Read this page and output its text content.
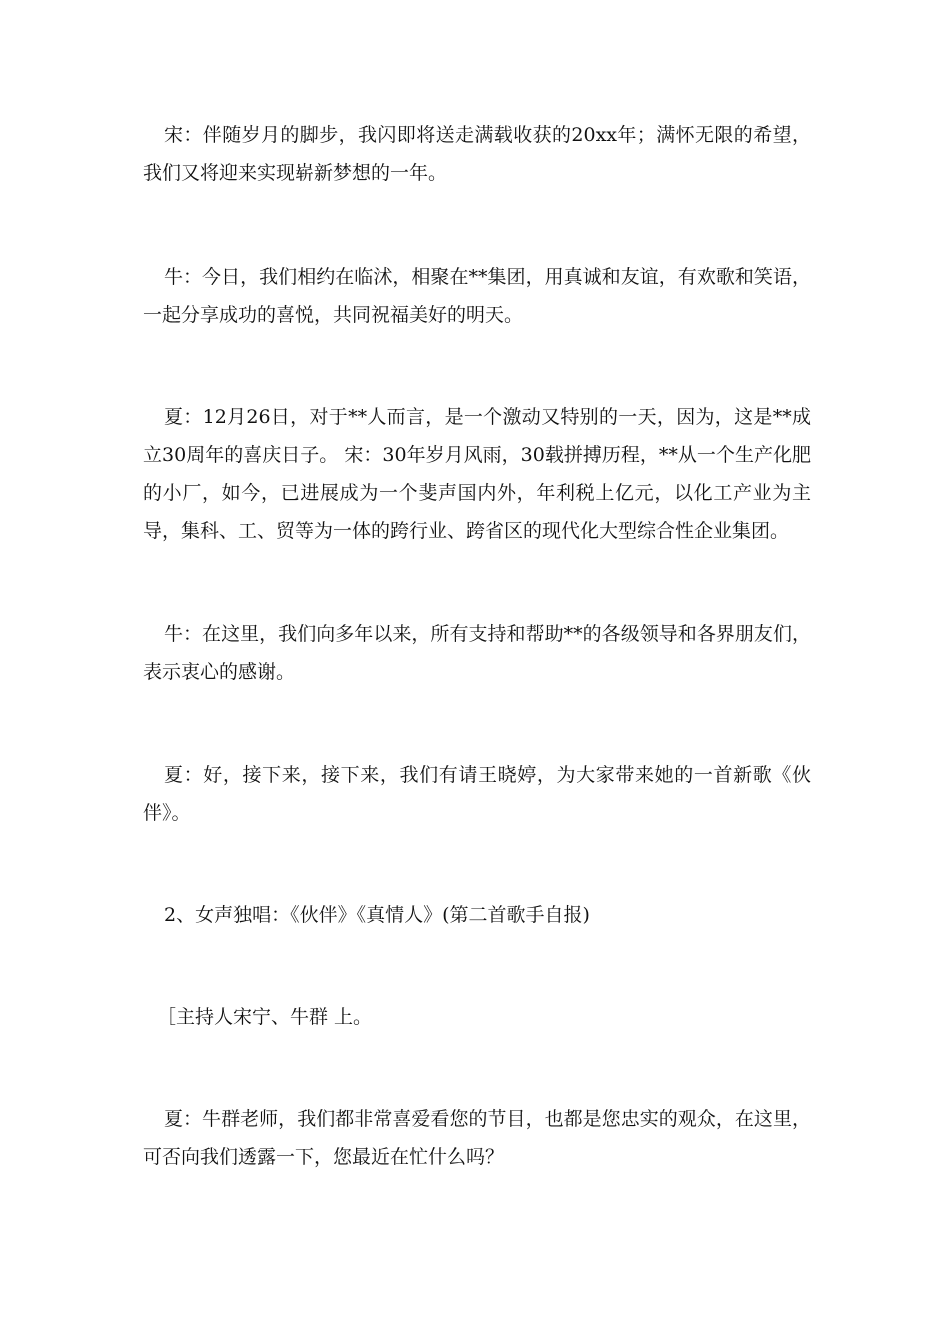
宋：伴随岁月的脚步，我闪即将送走满载收获的20xx年；满怀无限的希望，我们又将迎来实现崭新梦想的一年。

牛：今日，我们相约在临沭，相聚在**集团，用真诚和友谊，有欢歌和笑语，一起分享成功的喜悦，共同祝福美好的明天。

夏：12月26日，对于**人而言，是一个激动又特别的一天，因为，这是**成立30周年的喜庆日子。 宋：30年岁月风雨，30载拼搏历程，**从一个生产化肥的小厂，如今，已进展成为一个斐声国内外，年利税上亿元，以化工产业为主导，集科、工、贸等为一体的跨行业、跨省区的现代化大型综合性企业集团。

牛：在这里，我们向多年以来，所有支持和帮助**的各级领导和各界朋友们，表示衷心的感谢。

夏：好，接下来，接下来，我们有请王晓婷，为大家带来她的一首新歌《伙伴》。

2、女声独唱：《伙伴》《真情人》(第二首歌手自报)

［主持人宋宁、牛群 上。

夏：牛群老师，我们都非常喜爱看您的节目，也都是您忠实的观众，在这里，可否向我们透露一下，您最近在忙什么吗？
